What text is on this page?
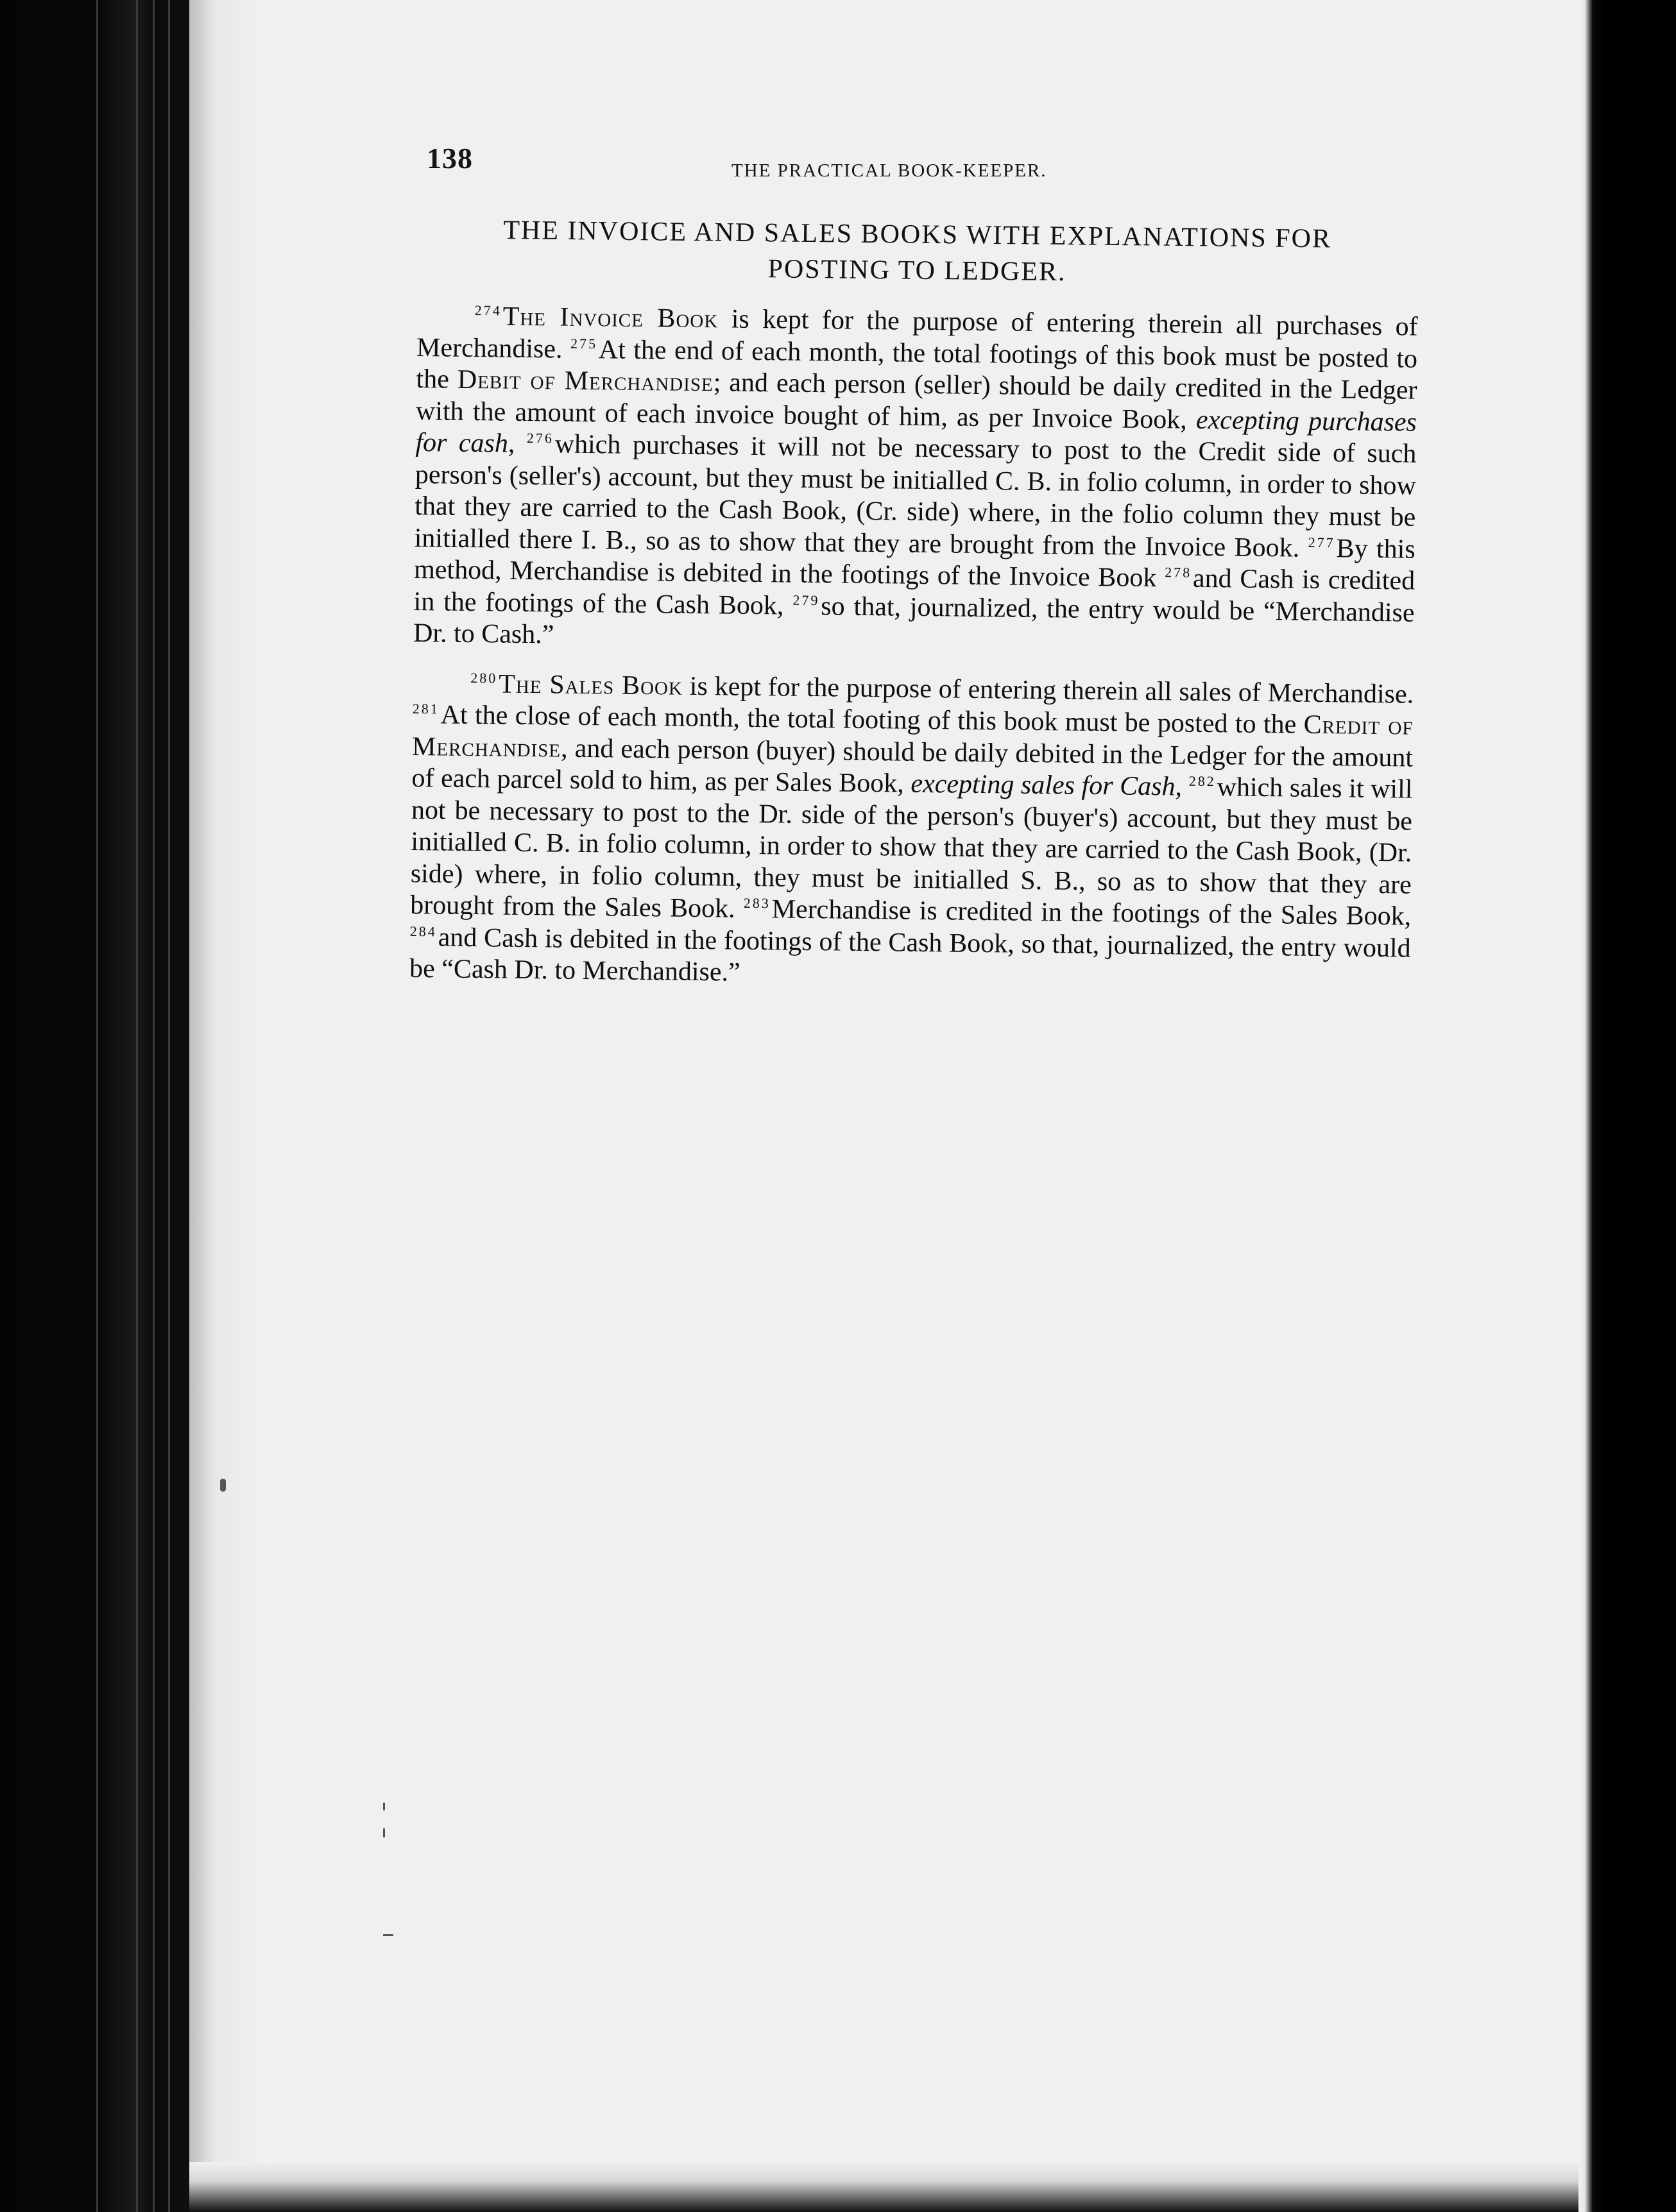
138	THE PRACTICAL BOOK-KEEPER.
THE INVOICE AND SALES BOOKS WITH EXPLANATIONS FOR POSTING TO LEDGER.

$^{274}$The Invoice Book is kept for the purpose of entering therein all purchases of Merchandise. $^{275}$At the end of each month, the total footings of this book must be posted to the Debit of Merchandise; and each person (seller) should be daily credited in the Ledger with the amount of each invoice bought of him, as per Invoice Book, excepting purchases for cash, $^{276}$which purchases it will not be necessary to post to the Credit side of such person's (seller's) account, but they must be initialled C. B. in folio column, in order to show that they are carried to the Cash Book, (Cr. side) where, in the folio column they must be initialled there I. B., so as to show that they are brought from the Invoice Book. $^{277}$By this method, Merchandise is debited in the footings of the Invoice Book $^{278}$and Cash is credited in the footings of the Cash Book, $^{279}$so that, journalized, the entry would be “Merchandise Dr. to Cash.”

$^{280}$The Sales Book is kept for the purpose of entering therein all sales of Merchandise. $^{281}$At the close of each month, the total footing of this book must be posted to the Credit of Merchandise, and each person (buyer) should be daily debited in the Ledger for the amount of each parcel sold to him, as per Sales Book, excepting sales for Cash, $^{282}$which sales it will not be necessary to post to the Dr. side of the person's (buyer's) account, but they must be initialled C. B. in folio column, in order to show that they are carried to the Cash Book, (Dr. side) where, in folio column, they must be initialled S. B., so as to show that they are brought from the Sales Book. $^{283}$Merchandise is credited in the footings of the Sales Book, $^{284}$and Cash is debited in the footings of the Cash Book, so that, journalized, the entry would be “Cash Dr. to Merchandise.”
